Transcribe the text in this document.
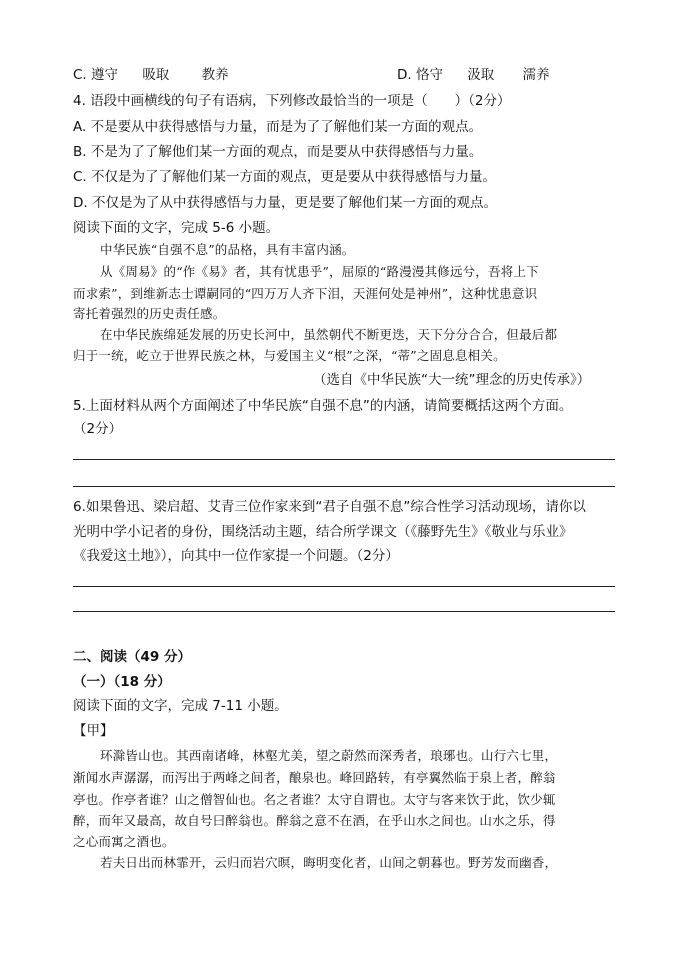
C. 遵守 吸取 教养	D. 恪守 汲取 濡养
4. 语段中画横线的句子有语病，下列修改最恰当的一项是（　　）（2分）
A. 不是要从中获得感悟与力量，而是为了了解他们某一方面的观点。
B. 不是为了了解他们某一方面的观点，而是要从中获得感悟与力量。
C. 不仅是为了了解他们某一方面的观点，更是要从中获得感悟与力量。
D. 不仅是为了从中获得感悟与力量，更是要了解他们某一方面的观点。
阅读下面的文字，完成 5-6 小题。
中华民族“自强不息”的品格，具有丰富内涵。
从《周易》的“作《易》者，其有忧患乎”，屈原的“路漫漫其修远兮，吾将上下
而求索”，到维新志士谭嗣同的“四万万人齐下泪，天涯何处是神州”，这种忧患意识
寄托着强烈的历史责任感。
在中华民族绵延发展的历史长河中，虽然朝代不断更迭，天下分分合合，但最后都
归于一统，屹立于世界民族之林，与爱国主义“根”之深，“蒂”之固息息相关。
（选自《中华民族“大一统”理念的历史传承》）
5.上面材料从两个方面阐述了中华民族“自强不息”的内涵，请简要概括这两个方面。
（2分）
6.如果鲁迅、梁启超、艾青三位作家来到“君子自强不息”综合性学习活动现场，请你以
光明中学小记者的身份，围绕活动主题，结合所学课文（《藤野先生》《敬业与乐业》
《我爱这土地》），向其中一位作家提一个问题。（2分）
二、阅读（49 分）
（一）（18 分）
阅读下面的文字，完成 7-11 小题。
【甲】
环滁皆山也。其西南诸峰，林壑尤美，望之蔚然而深秀者，琅琊也。山行六七里，
渐闻水声潺潺，而泻出于两峰之间者，酿泉也。峰回路转，有亭翼然临于泉上者，醉翁
亭也。作亭者谁？山之僧智仙也。名之者谁？太守自谓也。太守与客来饮于此，饮少辄
醉，而年又最高，故自号曰醉翁也。醉翁之意不在酒，在乎山水之间也。山水之乐，得
之心而寓之酒也。
若夫日出而林霏开，云归而岩穴暝，晦明变化者，山间之朝暮也。野芳发而幽香，
